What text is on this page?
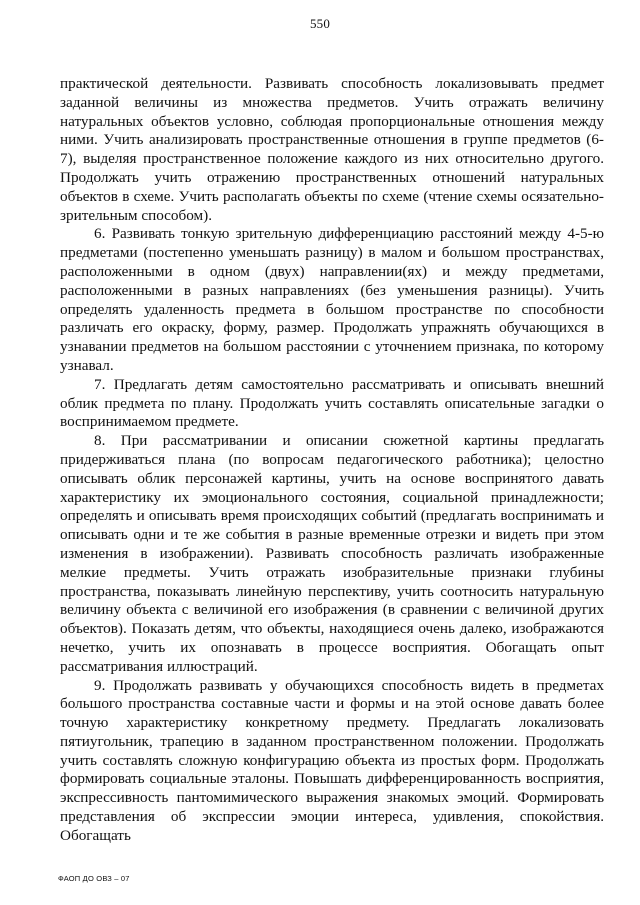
550

практической деятельности. Развивать способность локализовывать предмет заданной величины из множества предметов. Учить отражать величину натуральных объектов условно, соблюдая пропорциональные отношения между ними. Учить анализировать пространственные отношения в группе предметов (6-7), выделяя пространственное положение каждого из них относительно другого. Продолжать учить отражению пространственных отношений натуральных объектов в схеме. Учить располагать объекты по схеме (чтение схемы осязательно-зрительным способом).

6. Развивать тонкую зрительную дифференциацию расстояний между 4-5-ю предметами (постепенно уменьшать разницу) в малом и большом пространствах, расположенными в одном (двух) направлении(ях) и между предметами, расположенными в разных направлениях (без уменьшения разницы). Учить определять удаленность предмета в большом пространстве по способности различать его окраску, форму, размер. Продолжать упражнять обучающихся в узнавании предметов на большом расстоянии с уточнением признака, по которому узнавал.

7. Предлагать детям самостоятельно рассматривать и описывать внешний облик предмета по плану. Продолжать учить составлять описательные загадки о воспринимаемом предмете.

8. При рассматривании и описании сюжетной картины предлагать придерживаться плана (по вопросам педагогического работника); целостно описывать облик персонажей картины, учить на основе воспринятого давать характеристику их эмоционального состояния, социальной принадлежности; определять и описывать время происходящих событий (предлагать воспринимать и описывать одни и те же события в разные временные отрезки и видеть при этом изменения в изображении). Развивать способность различать изображенные мелкие предметы. Учить отражать изобразительные признаки глубины пространства, показывать линейную перспективу, учить соотносить натуральную величину объекта с величиной его изображения (в сравнении с величиной других объектов). Показать детям, что объекты, находящиеся очень далеко, изображаются нечетко, учить их опознавать в процессе восприятия. Обогащать опыт рассматривания иллюстраций.

9. Продолжать развивать у обучающихся способность видеть в предметах большого пространства составные части и формы и на этой основе давать более точную характеристику конкретному предмету. Предлагать локализовать пятиугольник, трапецию в заданном пространственном положении. Продолжать учить составлять сложную конфигурацию объекта из простых форм. Продолжать формировать социальные эталоны. Повышать дифференцированность восприятия, экспрессивность пантомимического выражения знакомых эмоций. Формировать представления об экспрессии эмоции интереса, удивления, спокойствия. Обогащать

ФАОП ДО ОВЗ – 07
